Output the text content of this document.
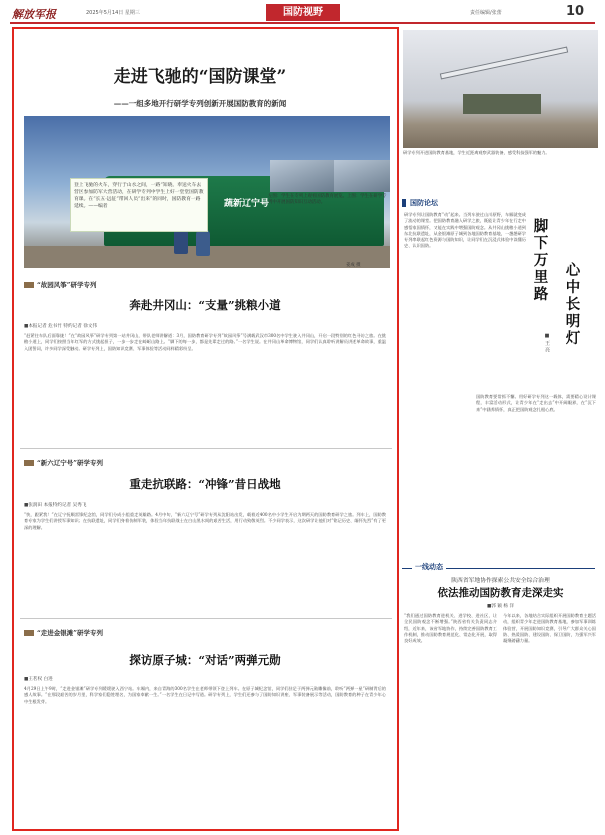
解放军报	2025年5月14日 星期三	国防视野	责任编辑/张蕾	10
走进飞驰的“国防课堂”
——一组多地开行研学专列创新开展国防教育的新闻
蔬新辽宁号
登上飞驰的火车，穿行于山水之间，一路“知晓、奉送火车去营区参加防军大营活动，在研学专列中学生上好一堂堂国防教育课。在“长五·远征”带回人员“出来”的同时，国防教育一路延续。——编者
左图：学生在专列上观看国防教育展览。上图：学生在研学专列中开展国防知识互动活动。
姜成 摄
“故园风筝”研学专列
奔赴井冈山：“支量”挑粮小道
■本报记者 危书竹 特约记者 徐文伟
“赶紧往车队后面靠拢！”在“故园风筝”研学专列第一站井冈山，带队老师讲解道：3月，国防教育研学专列“故园风筝”号满载武汉市300名中学生驶入井冈山，开启一段特别的红色寻访之旅。在挑粮小道上，同学们按照当年红军的方式挑起担子，一步一步走在崎岖山路上。“脚下的每一步，都是先辈走过的路。”一名学生说。在井冈山革命博物馆，同学们认真聆听讲解员讲述革命故事，重温入团誓词，许多同学深受触动。研学专列上，国防知识竞赛、军事体验等活动同样精彩纷呈。
“新六辽宁号”研学专列
重走抗联路：“冲锋”昔日战地
■张润田 本报特约记者 吴秀飞
“快，跟紧我！”在辽宁抚顺雷锋纪念馆，同学们分成小组重走英雄路。4月中旬，“新六辽宁号”研学专列从沈阳站出发，载着近400名中小学生开启为期两天的国防教育研学之旅。列车上，国防教育专家为学生们讲授军事知识；在抗联遗址，同学们身着仿制军装，体验当年抗联战士在白山黑水间的艰苦生活，用行动致敬英烈。不少同学表示，这次研学让他们对“铭记历史、缅怀先烈”有了更深的理解。
“走进金银滩”研学专列
探访原子城：“对话”两弹元勋
■王茗权 白进
4月29日上午9时，“走进金银滩”研学专列缓缓驶入西宁站。车厢内，来自青海的300名学生在老师带领下登上列车。在原子城纪念馆，同学们驻足于两弹元勋雕像前，聆听“两弹一星”研制背后的感人故事。“在那段艰苦的岁月里，科学家们隐姓埋名，为国家奉献一生。”一名学生在日记中写道。研学专列上，学生们还参与了国防知识讲座、军事装备展示等活动，国防教育的种子在青少年心中生根发芽。
研学专列开进国防教育基地，学生近距离观察武器装备，感受科技强军的魅力。
国防论坛
研学专列让国防教育“动”起来。当列车驶过山川原野，车厢就变成了流动的课堂。把国防教育融入研学之旅，既能让青少年在行走中感悟家国情怀，又能在实践中增强国防观念。从井冈山挑粮小道到东北抗联遗址，从金银滩原子城到各地国防教育基地，一趟趟研学专列串联起红色资源与国防知识，让同学们在沉浸式体验中读懂历史、认识国防。
脚下万里路
心中长明灯
■ 王 亮
国防教育要常抓不懈。用好研学专列这一载体，需要精心设计课程，丰富活动形式，让青少年在“走出去”中开阔眼界，在“沉下来”中涵养情怀，真正把国防观念扎根心底。
一线动态
陕西省军地协作探索公共安全综合治理
依法推动国防教育走深走实
■郭 颖 杨 洋
“我们通过国防教育进机关、进学校、进社区，让全民国防观念不断增强。”陕西省有关负责同志介绍，近年来，该省军地协作，持续完善国防教育工作机制，推动国防教育规范化、常态化开展，取得良好成效。
今年以来，各地结合实际组织开展国防教育主题活动，组织青少年走进国防教育基地，参加军事训练体验营，开展国防知识竞赛，引导广大群众关心国防、热爱国防、建设国防、保卫国防，为强军兴军凝聚磅礴力量。
